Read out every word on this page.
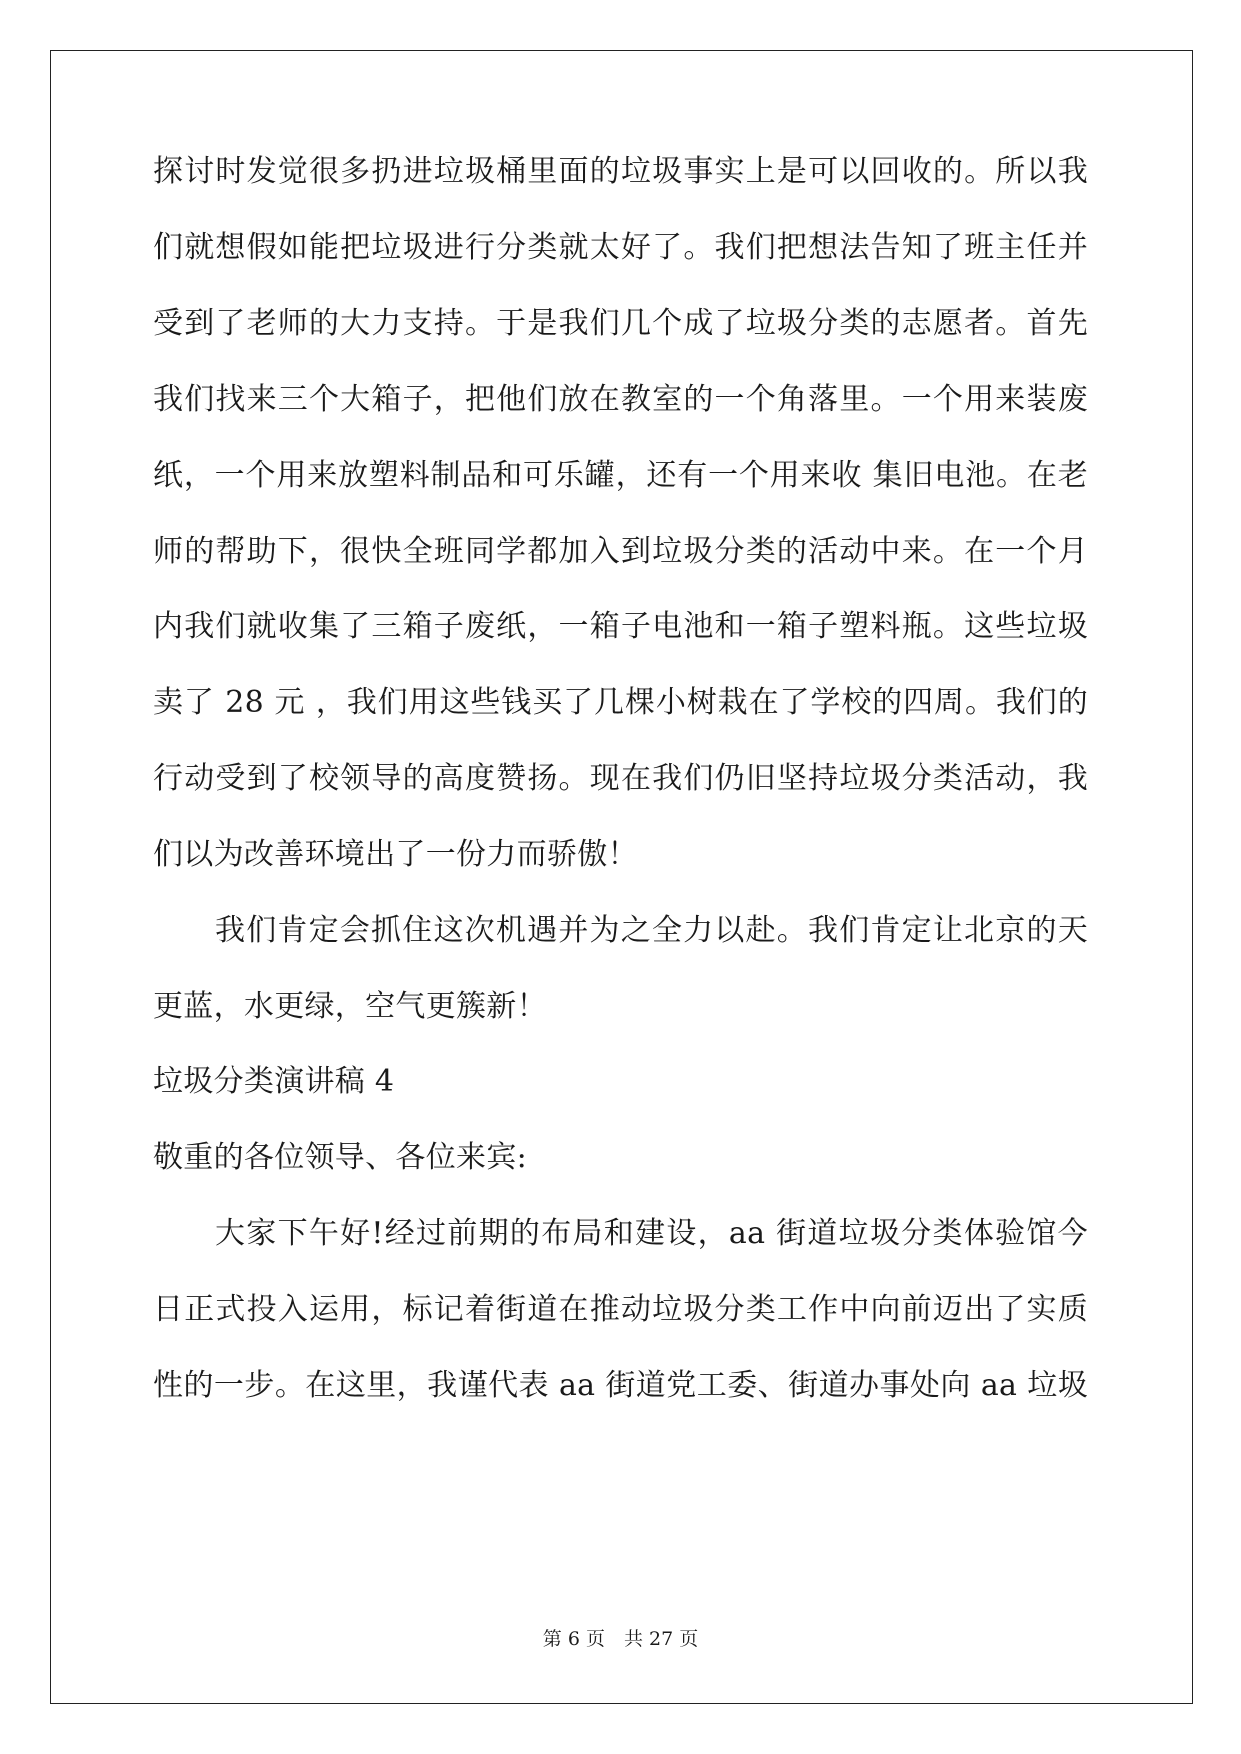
探讨时发觉很多扔进垃圾桶里面的垃圾事实上是可以回收的。所以我
们就想假如能把垃圾进行分类就太好了。我们把想法告知了班主任并
受到了老师的大力支持。于是我们几个成了垃圾分类的志愿者。首先
我们找来三个大箱子，把他们放在教室的一个角落里。一个用来装废
纸，一个用来放塑料制品和可乐罐，还有一个用来收 集旧电池。在老
师的帮助下，很快全班同学都加入到垃圾分类的活动中来。在一个月
内我们就收集了三箱子废纸，一箱子电池和一箱子塑料瓶。这些垃圾
卖了 28 元 ，我们用这些钱买了几棵小树栽在了学校的四周。我们的
行动受到了校领导的高度赞扬。现在我们仍旧坚持垃圾分类活动，我
们以为改善环境出了一份力而骄傲！
我们肯定会抓住这次机遇并为之全力以赴。我们肯定让北京的天
更蓝，水更绿，空气更簇新！
垃圾分类演讲稿 4
敬重的各位领导、各位来宾:
大家下午好!经过前期的布局和建设，aa 街道垃圾分类体验馆今
日正式投入运用，标记着街道在推动垃圾分类工作中向前迈出了实质
性的一步。在这里，我谨代表 aa 街道党工委、街道办事处向 aa 垃圾
第 6 页　共 27 页
